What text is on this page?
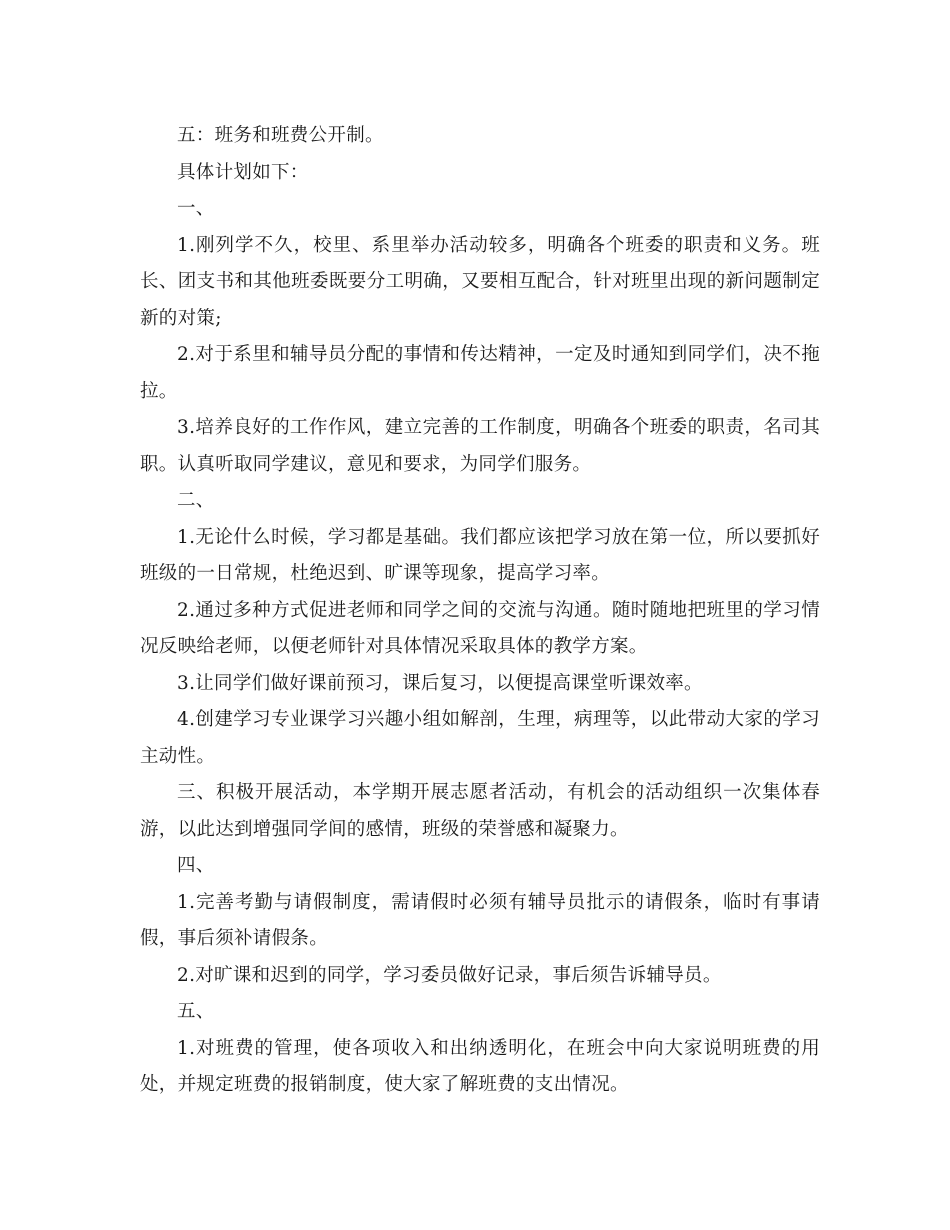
五：班务和班费公开制。

具体计划如下：

一、

1.刚列学不久，校里、系里举办活动较多，明确各个班委的职责和义务。班长、团支书和其他班委既要分工明确，又要相互配合，针对班里出现的新问题制定新的对策;

2.对于系里和辅导员分配的事情和传达精神，一定及时通知到同学们，决不拖拉。

3.培养良好的工作作风，建立完善的工作制度，明确各个班委的职责，名司其职。认真听取同学建议，意见和要求，为同学们服务。

二、

1.无论什么时候，学习都是基础。我们都应该把学习放在第一位，所以要抓好班级的一日常规，杜绝迟到、旷课等现象，提高学习率。

2.通过多种方式促进老师和同学之间的交流与沟通。随时随地把班里的学习情况反映给老师，以便老师针对具体情况采取具体的教学方案。

3.让同学们做好课前预习，课后复习，以便提高课堂听课效率。

4.创建学习专业课学习兴趣小组如解剖，生理，病理等，以此带动大家的学习主动性。

三、积极开展活动，本学期开展志愿者活动，有机会的活动组织一次集体春游，以此达到增强同学间的感情，班级的荣誉感和凝聚力。

四、

1.完善考勤与请假制度，需请假时必须有辅导员批示的请假条，临时有事请假，事后须补请假条。

2.对旷课和迟到的同学，学习委员做好记录，事后须告诉辅导员。

五、

1.对班费的管理，使各项收入和出纳透明化，在班会中向大家说明班费的用处，并规定班费的报销制度，使大家了解班费的支出情况。
